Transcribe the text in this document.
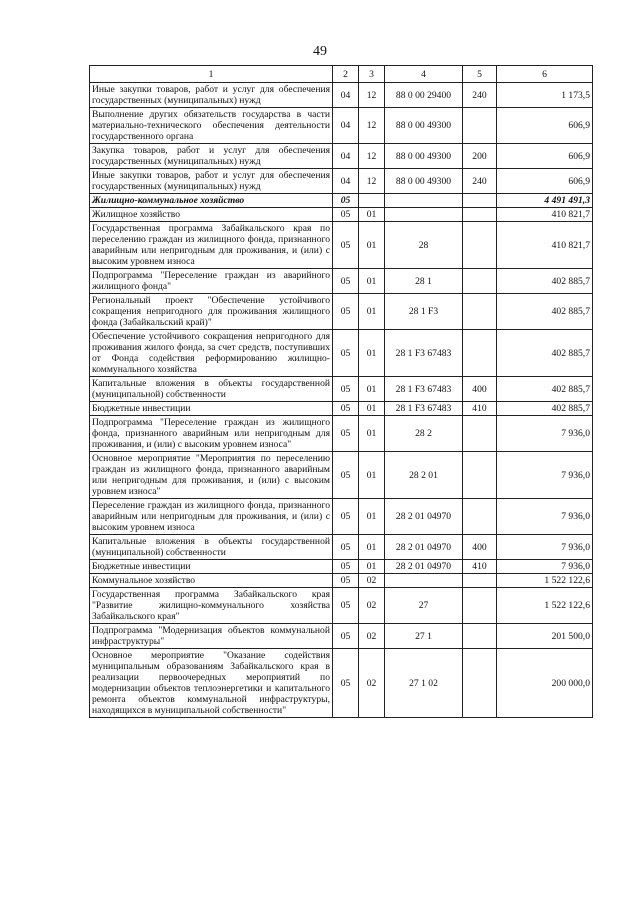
49
1	2	3	4	5	6
Иные закупки товаров, работ и услуг для обеспечения государственных (муниципальных) нужд	04	12	88 0 00 29400	240	1 173,5
Выполнение других обязательств государства в части материально-технического обеспечения деятельности государственного органа	04	12	88 0 00 49300		606,9
Закупка товаров, работ и услуг для обеспечения государственных (муниципальных) нужд	04	12	88 0 00 49300	200	606,9
Иные закупки товаров, работ и услуг для обеспечения государственных (муниципальных) нужд	04	12	88 0 00 49300	240	606,9
Жилищно-коммунальное хозяйство	05				4 491 491,3
Жилищное хозяйство	05	01			410 821,7
Государственная программа Забайкальского края по переселению граждан из жилищного фонда, признанного аварийным или непригодным для проживания, и (или) с высоким уровнем износа	05	01	28		410 821,7
Подпрограмма "Переселение граждан из аварийного жилищного фонда"	05	01	28 1		402 885,7
Региональный проект "Обеспечение устойчивого сокращения непригодного для проживания жилищного фонда (Забайкальский край)"	05	01	28 1 F3		402 885,7
Обеспечение устойчивого сокращения непригодного для проживания жилого фонда, за счет средств, поступивших от Фонда содействия реформированию жилищно-коммунального хозяйства	05	01	28 1 F3 67483		402 885,7
Капитальные вложения в объекты государственной (муниципальной) собственности	05	01	28 1 F3 67483	400	402 885,7
Бюджетные инвестиции	05	01	28 1 F3 67483	410	402 885,7
Подпрограмма "Переселение граждан из жилищного фонда, признанного аварийным или непригодным для проживания, и (или) с высоким уровнем износа"	05	01	28 2		7 936,0
Основное мероприятие "Мероприятия по переселению граждан из жилищного фонда, признанного аварийным или непригодным для проживания, и (или) с высоким уровнем износа"	05	01	28 2 01		7 936,0
Переселение граждан из жилищного фонда, признанного аварийным или непригодным для проживания, и (или) с высоким уровнем износа	05	01	28 2 01 04970		7 936,0
Капитальные вложения в объекты государственной (муниципальной) собственности	05	01	28 2 01 04970	400	7 936,0
Бюджетные инвестиции	05	01	28 2 01 04970	410	7 936,0
Коммунальное хозяйство	05	02			1 522 122,6
Государственная программа Забайкальского края "Развитие жилищно-коммунального хозяйства Забайкальского края"	05	02	27		1 522 122,6
Подпрограмма "Модернизация объектов коммунальной инфраструктуры"	05	02	27 1		201 500,0
Основное мероприятие "Оказание содействия муниципальным образованиям Забайкальского края в реализации первоочередных мероприятий по модернизации объектов теплоэнергетики и капитального ремонта объектов коммунальной инфраструктуры, находящихся в муниципальной собственности"	05	02	27 1 02		200 000,0
